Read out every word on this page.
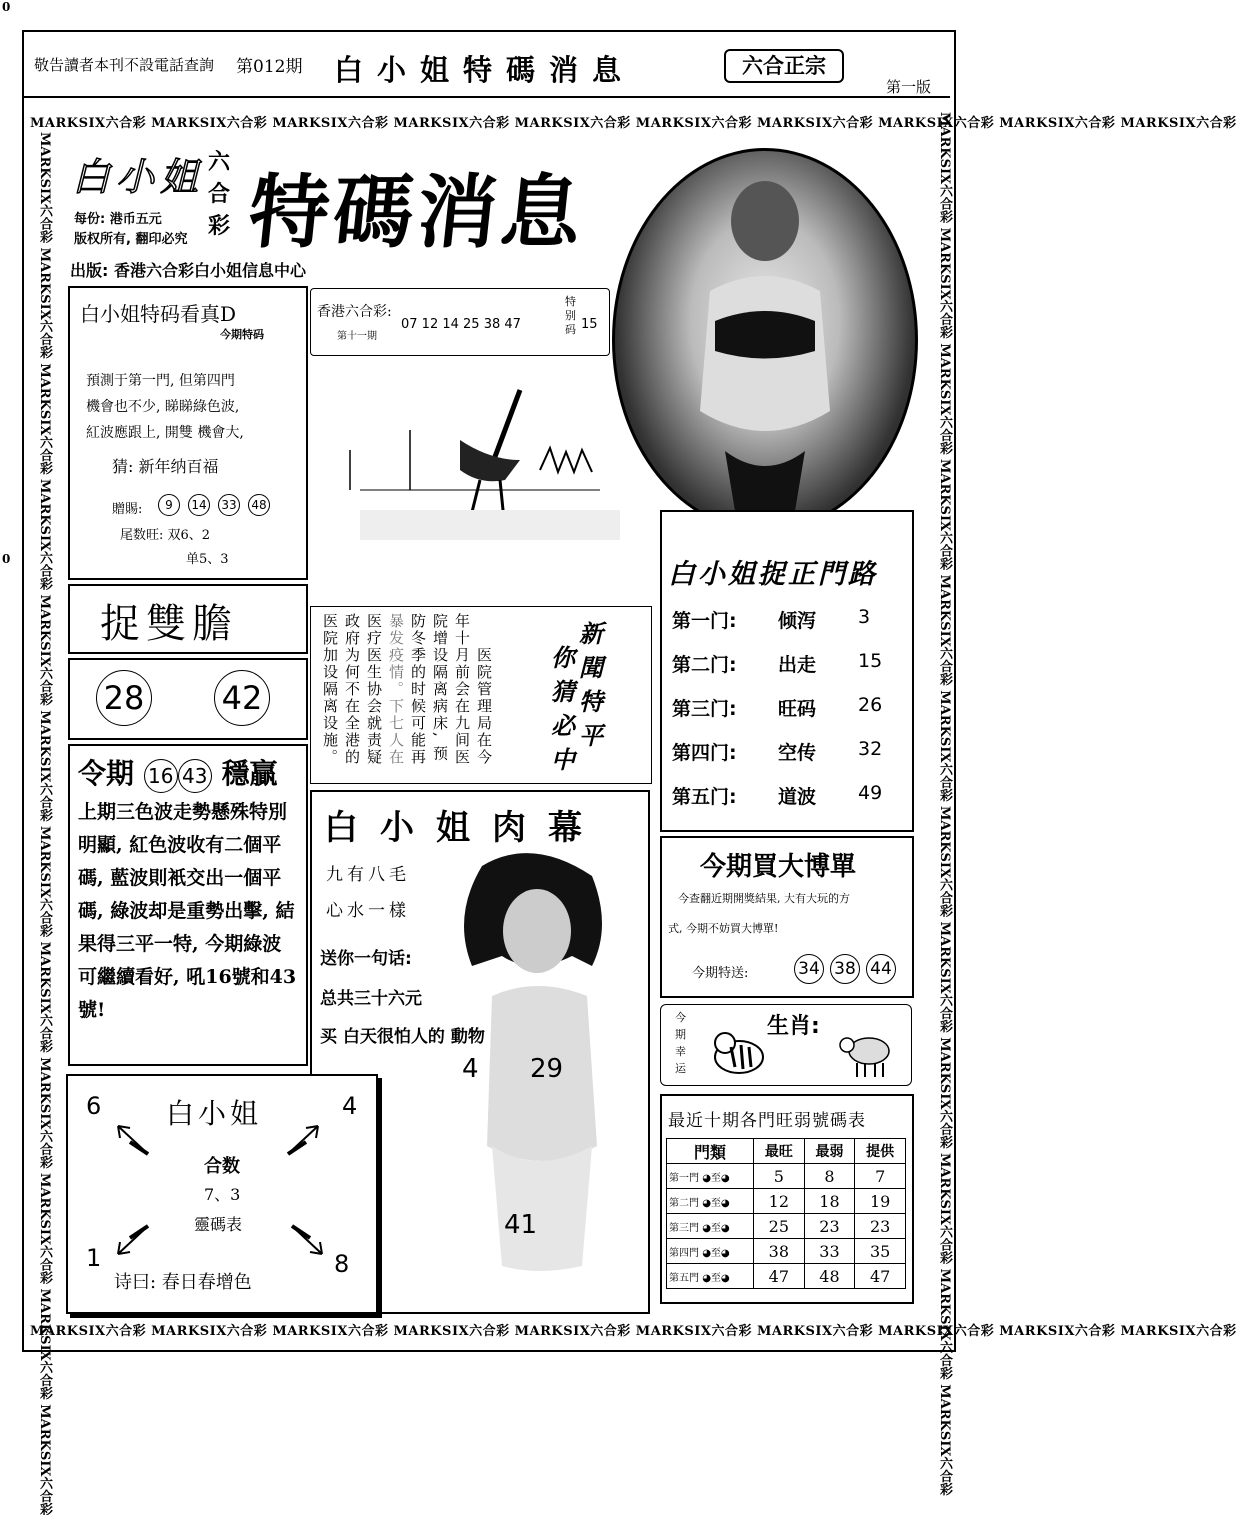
0
0
敬告讀者本刊不設電話查詢 第012期 白小姐特碼消息	六合正宗
第一版
MARKSIX六合彩 MARKSIX六合彩 MARKSIX六合彩 MARKSIX六合彩 MARKSIX六合彩 MARKSIX六合彩 MARKSIX六合彩 MARKSIX六合彩 MARKSIX六合彩 MARKSIX六合彩
MARKSIX六合彩 MARKSIX六合彩 MARKSIX六合彩 MARKSIX六合彩 MARKSIX六合彩 MARKSIX六合彩 MARKSIX六合彩 MARKSIX六合彩 MARKSIX六合彩 MARKSIX六合彩
MARKSIX六合彩 MARKSIX六合彩 MARKSIX六合彩 MARKSIX六合彩 MARKSIX六合彩 MARKSIX六合彩 MARKSIX六合彩 MARKSIX六合彩 MARKSIX六合彩 MARKSIX六合彩 MARKSIX六合彩 MARKSIX六合彩	MARKSIX六合彩 MARKSIX六合彩 MARKSIX六合彩 MARKSIX六合彩 MARKSIX六合彩 MARKSIX六合彩 MARKSIX六合彩 MARKSIX六合彩 MARKSIX六合彩 MARKSIX六合彩 MARKSIX六合彩 MARKSIX六合彩
白小姐 六
合
彩 特碼消息
每份: 港币五元
版权所有, 翻印必究
出版: 香港六合彩白小姐信息中心
白小姐特码看真D
今期特码
預測于第一門, 但第四門
機會也不少, 睇睇綠色波,
紅波應跟上, 開雙 機會大,
猜: 新年纳百福
贈賜:	9 14 33 48
尾数旺: 双6、2
单5、3
香港六合彩:
第十一期
07 12 14 25 38 47
特
别
码 15
捉雙膽
28 42
令期 16 43 穩贏
上期三色波走勢懸殊特別明顯, 紅色波收有二個平碼, 藍波則衹交出一個平碼, 綠波却是重勢出擊, 結果得三平一特, 今期綠波可繼續看好, 吼16號和43號!
医院加设隔离设施。 政府为何不在全港的 医疗医生协会就责疑 暴发疫情。下七人在 防冬季的时候可能再 院增设隔离病床, 预 年十月前会在九间医 医院管理局在今
新
聞
特
平
你
猜
必
中
白小姐肉幕
九有八毛
心水一樣
送你一句话:
总共三十六元
买 白天很怕人的 動物
4 29
41
白小姐捉正門路
第一门: 倾泻 3
第二门: 出走 15
第三门: 旺码 26
第四门: 空传 32
第五门: 道波 49
今期買大博單
今查翻近期開獎結果, 大有大玩的方
式, 今期不妨買大博單!
今期特送:	34 38 44
今
期
幸
运
生肖:
最近十期各門旺弱號碼表
門類	最旺	最弱	提供
第一門 ◕至◕	5	8	7
第二門 ◕至◕	12	18	19
第三門 ◕至◕	25	23	23
第四門 ◕至◕	38	33	35
第五門 ◕至◕	47	48	47
白小姐
6	4
1	8
合数
7、3
靈碼表
诗曰: 春日春增色
